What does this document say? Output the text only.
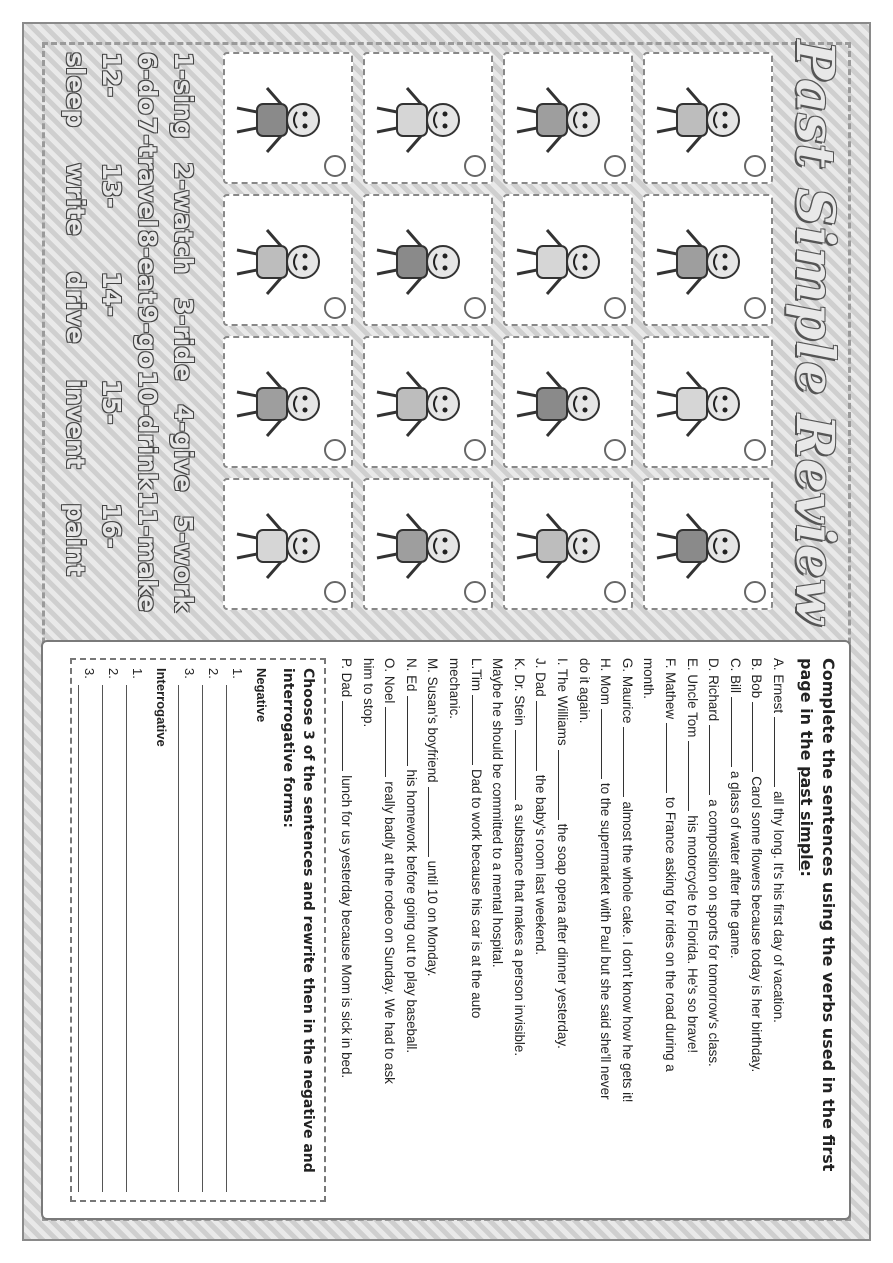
Past Simple Review
1-sing
2-watch
3-ride
4-give
5-work
6-do
7-travel
8-eat
9-go
10-drink
11-make
12-sleep
13-write
14-drive
15-invent
16-paint
Complete the sentences using the verbs used in the first page in the past simple:
A. Ernestall thy long. It's his first day of vacation.
B. BobCarol some flowers because today is her birthday.
C. Billa glass of water after the game.
D. Richarda composition on sports for tomorrow's class.
E. Uncle Tomhis motorcycle to Florida. He's so brave!
F. Mathewto France asking for rides on the road during a
month.
G. Mauricealmost the whole cake. I don't know how he gets it!
H. Momto the supermarket with Paul but she said she'll never
do it again.
I. The Williamsthe soap opera after dinner yesterday.
J. Dadthe baby's room last weekend.
K. Dr. Steina substance that makes a person invisible.
Maybe he should be committed to a mental hospital.
L.TimDad to work because his car is at the auto
mechanic.
M. Susan's boyfrienduntil 10 on Monday.
N. Edhis homework before going out to play baseball.
O. Noelreally badly at the rodeo on Sunday. We had to ask
him to stop.
P. Dadlunch for us yesterday because Mom is sick in bed.
Choose 3 of the sentences and rewrite then in the negative and interrogative forms:
Negative
1.
2.
3.
Interrogative
1.
2.
3.
